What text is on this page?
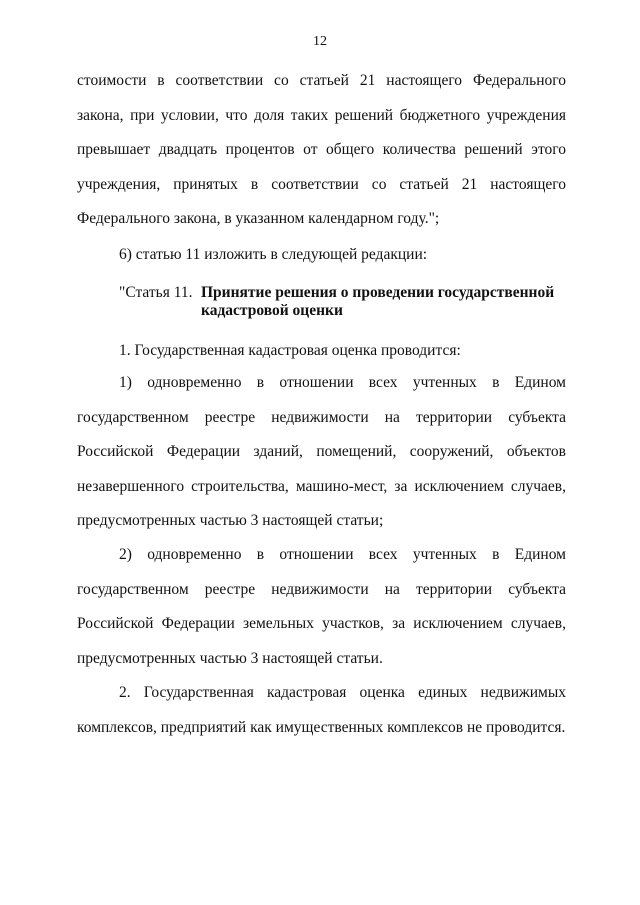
12

стоимости в соответствии со статьей 21 настоящего Федерального закона, при условии, что доля таких решений бюджетного учреждения превышает двадцать процентов от общего количества решений этого учреждения, принятых в соответствии со статьей 21 настоящего Федерального закона, в указанном календарном году.";

6) статью 11 изложить в следующей редакции:

"Статья 11. Принятие решения о проведении государственной кадастровой оценки

1. Государственная кадастровая оценка проводится:

1) одновременно в отношении всех учтенных в Едином государственном реестре недвижимости на территории субъекта Российской Федерации зданий, помещений, сооружений, объектов незавершенного строительства, машино-мест, за исключением случаев, предусмотренных частью 3 настоящей статьи;

2) одновременно в отношении всех учтенных в Едином государственном реестре недвижимости на территории субъекта Российской Федерации земельных участков, за исключением случаев, предусмотренных частью 3 настоящей статьи.

2. Государственная кадастровая оценка единых недвижимых комплексов, предприятий как имущественных комплексов не проводится.
